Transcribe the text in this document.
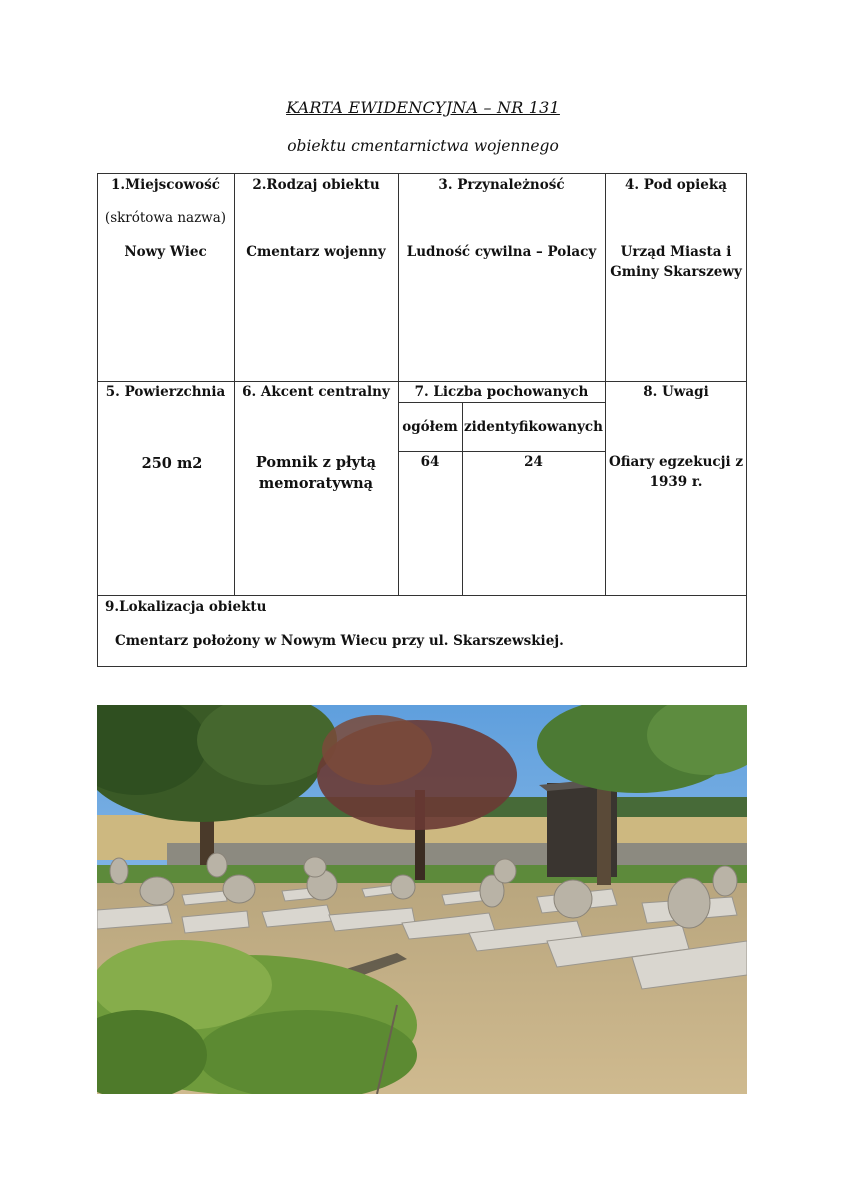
KARTA EWIDENCYJNA – NR 131
obiektu cmentarnictwa wojennego
1.Miejscowość
(skrótowa nazwa)
Nowy Wiec
2.Rodzaj obiektu
Cmentarz wojenny
3. Przynależność
Ludność cywilna – Polacy
4. Pod opieką
Urząd Miasta i
Gminy Skarszewy
5. Powierzchnia
250 m2
6. Akcent centralny
Pomnik z płytą
memoratywną
7. Liczba pochowanych
ogółem zidentyfikowanych
64	24
8. Uwagi
Ofiary egzekucji z
1939 r.
9.Lokalizacja obiektu
Cmentarz położony w Nowym Wiecu przy ul. Skarszewskiej.
